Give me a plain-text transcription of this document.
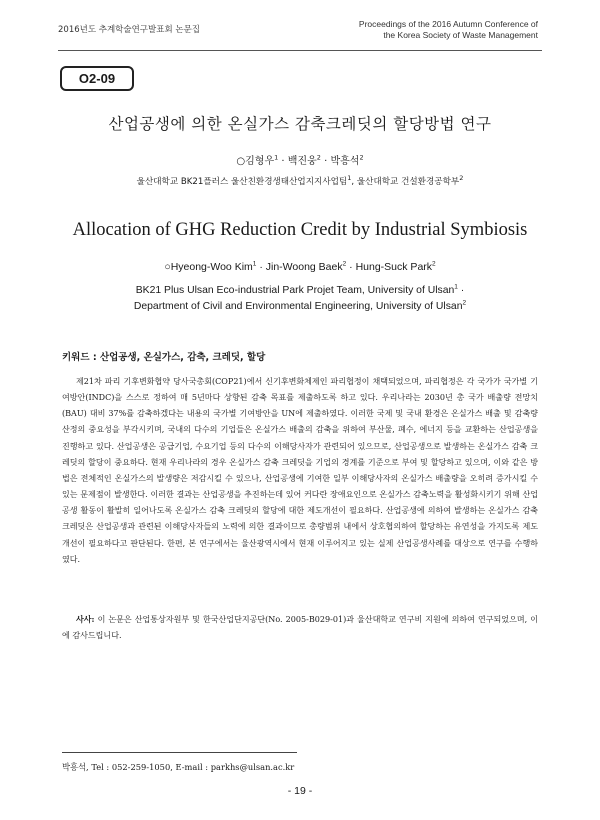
2016년도 추계학술연구발표회 논문집
Proceedings of the 2016 Autumn Conference of
the Korea Society of Waste Management
O2-09
산업공생에 의한 온실가스 감축크레딧의 할당방법 연구
○김형우$^1$ · 백진웅$^2$ · 박흥석$^2$
울산대학교 BK21플러스 울산친환경생태산업지지사업팀$^1$, 울산대학교 건설환경공학부$^2$
Allocation of GHG Reduction Credit by Industrial Symbiosis
○Hyeong-Woo Kim$^1$ · Jin-Woong Baek$^2$ · Hung-Suck Park$^2$
BK21 Plus Ulsan Eco-industrial Park Projet Team, University of Ulsan$^1$ ·
Department of Civil and Environmental Engineering, University of Ulsan$^2$
키워드 : 산업공생, 온실가스, 감축, 크레딧, 할당

제21차 파리 기후변화협약 당사국총회(COP21)에서 신기후변화체제인 파리협정이 채택되었으며, 파리협정은 각 국가가 국가별 기여방안(INDC)을 스스로 정하여 매 5년마다 상향된 감축 목표를 제출하도록 하고 있다. 우리나라는 2030년 총 국가 배출량 전망치(BAU) 대비 37%를 감축하겠다는 내용의 국가별 기여방안을 UN에 제출하였다. 이러한 국제 및 국내 환경은 온실가스 배출 및 감축량 산정의 중요성을 부각시키며, 국내의 다수의 기업들은 온실가스 배출의 감축을 위하여 부산물, 폐수, 에너지 등을 교환하는 산업공생을 진행하고 있다. 산업공생은 공급기업, 수요기업 등의 다수의 이해당사자가 관련되어 있으므로, 산업공생으로 발생하는 온실가스 감축 크레딧의 할당이 중요하다. 현재 우리나라의 경우 온실가스 감축 크레딧을 기업의 경계를 기준으로 부여 및 할당하고 있으며, 이와 같은 방법은 전체적인 온실가스의 발생량은 저감시킬 수 있으나, 산업공생에 기여한 일부 이해당사자의 온실가스 배출량을 오히려 증가시킬 수 있는 문제점이 발생한다. 이러한 결과는 산업공생을 추진하는데 있어 커다란 장애요인으로 온실가스 감축노력을 활성화시키기 위해 산업공생 활동이 활발히 일어나도록 온실가스 감축 크레딧의 할당에 대한 제도개선이 필요하다. 산업공생에 의하여 발생하는 온실가스 감축 크레딧은 산업공생과 관련된 이해당사자들의 노력에 의한 결과이므로 총량범위 내에서 상호협의하여 할당하는 유연성을 가지도록 제도개선이 필요하다고 판단된다. 한편, 본 연구에서는 울산광역시에서 현재 이루어지고 있는 실제 산업공생사례를 대상으로 연구를 수행하였다.

사사: 이 논문은 산업통상자원부 및 한국산업단지공단(No. 2005-B029-01)과 울산대학교 연구비 지원에 의하여 연구되었으며, 이에 감사드립니다.

박흥석, Tel : 052-259-1050, E-mail : parkhs@ulsan.ac.kr
- 19 -
